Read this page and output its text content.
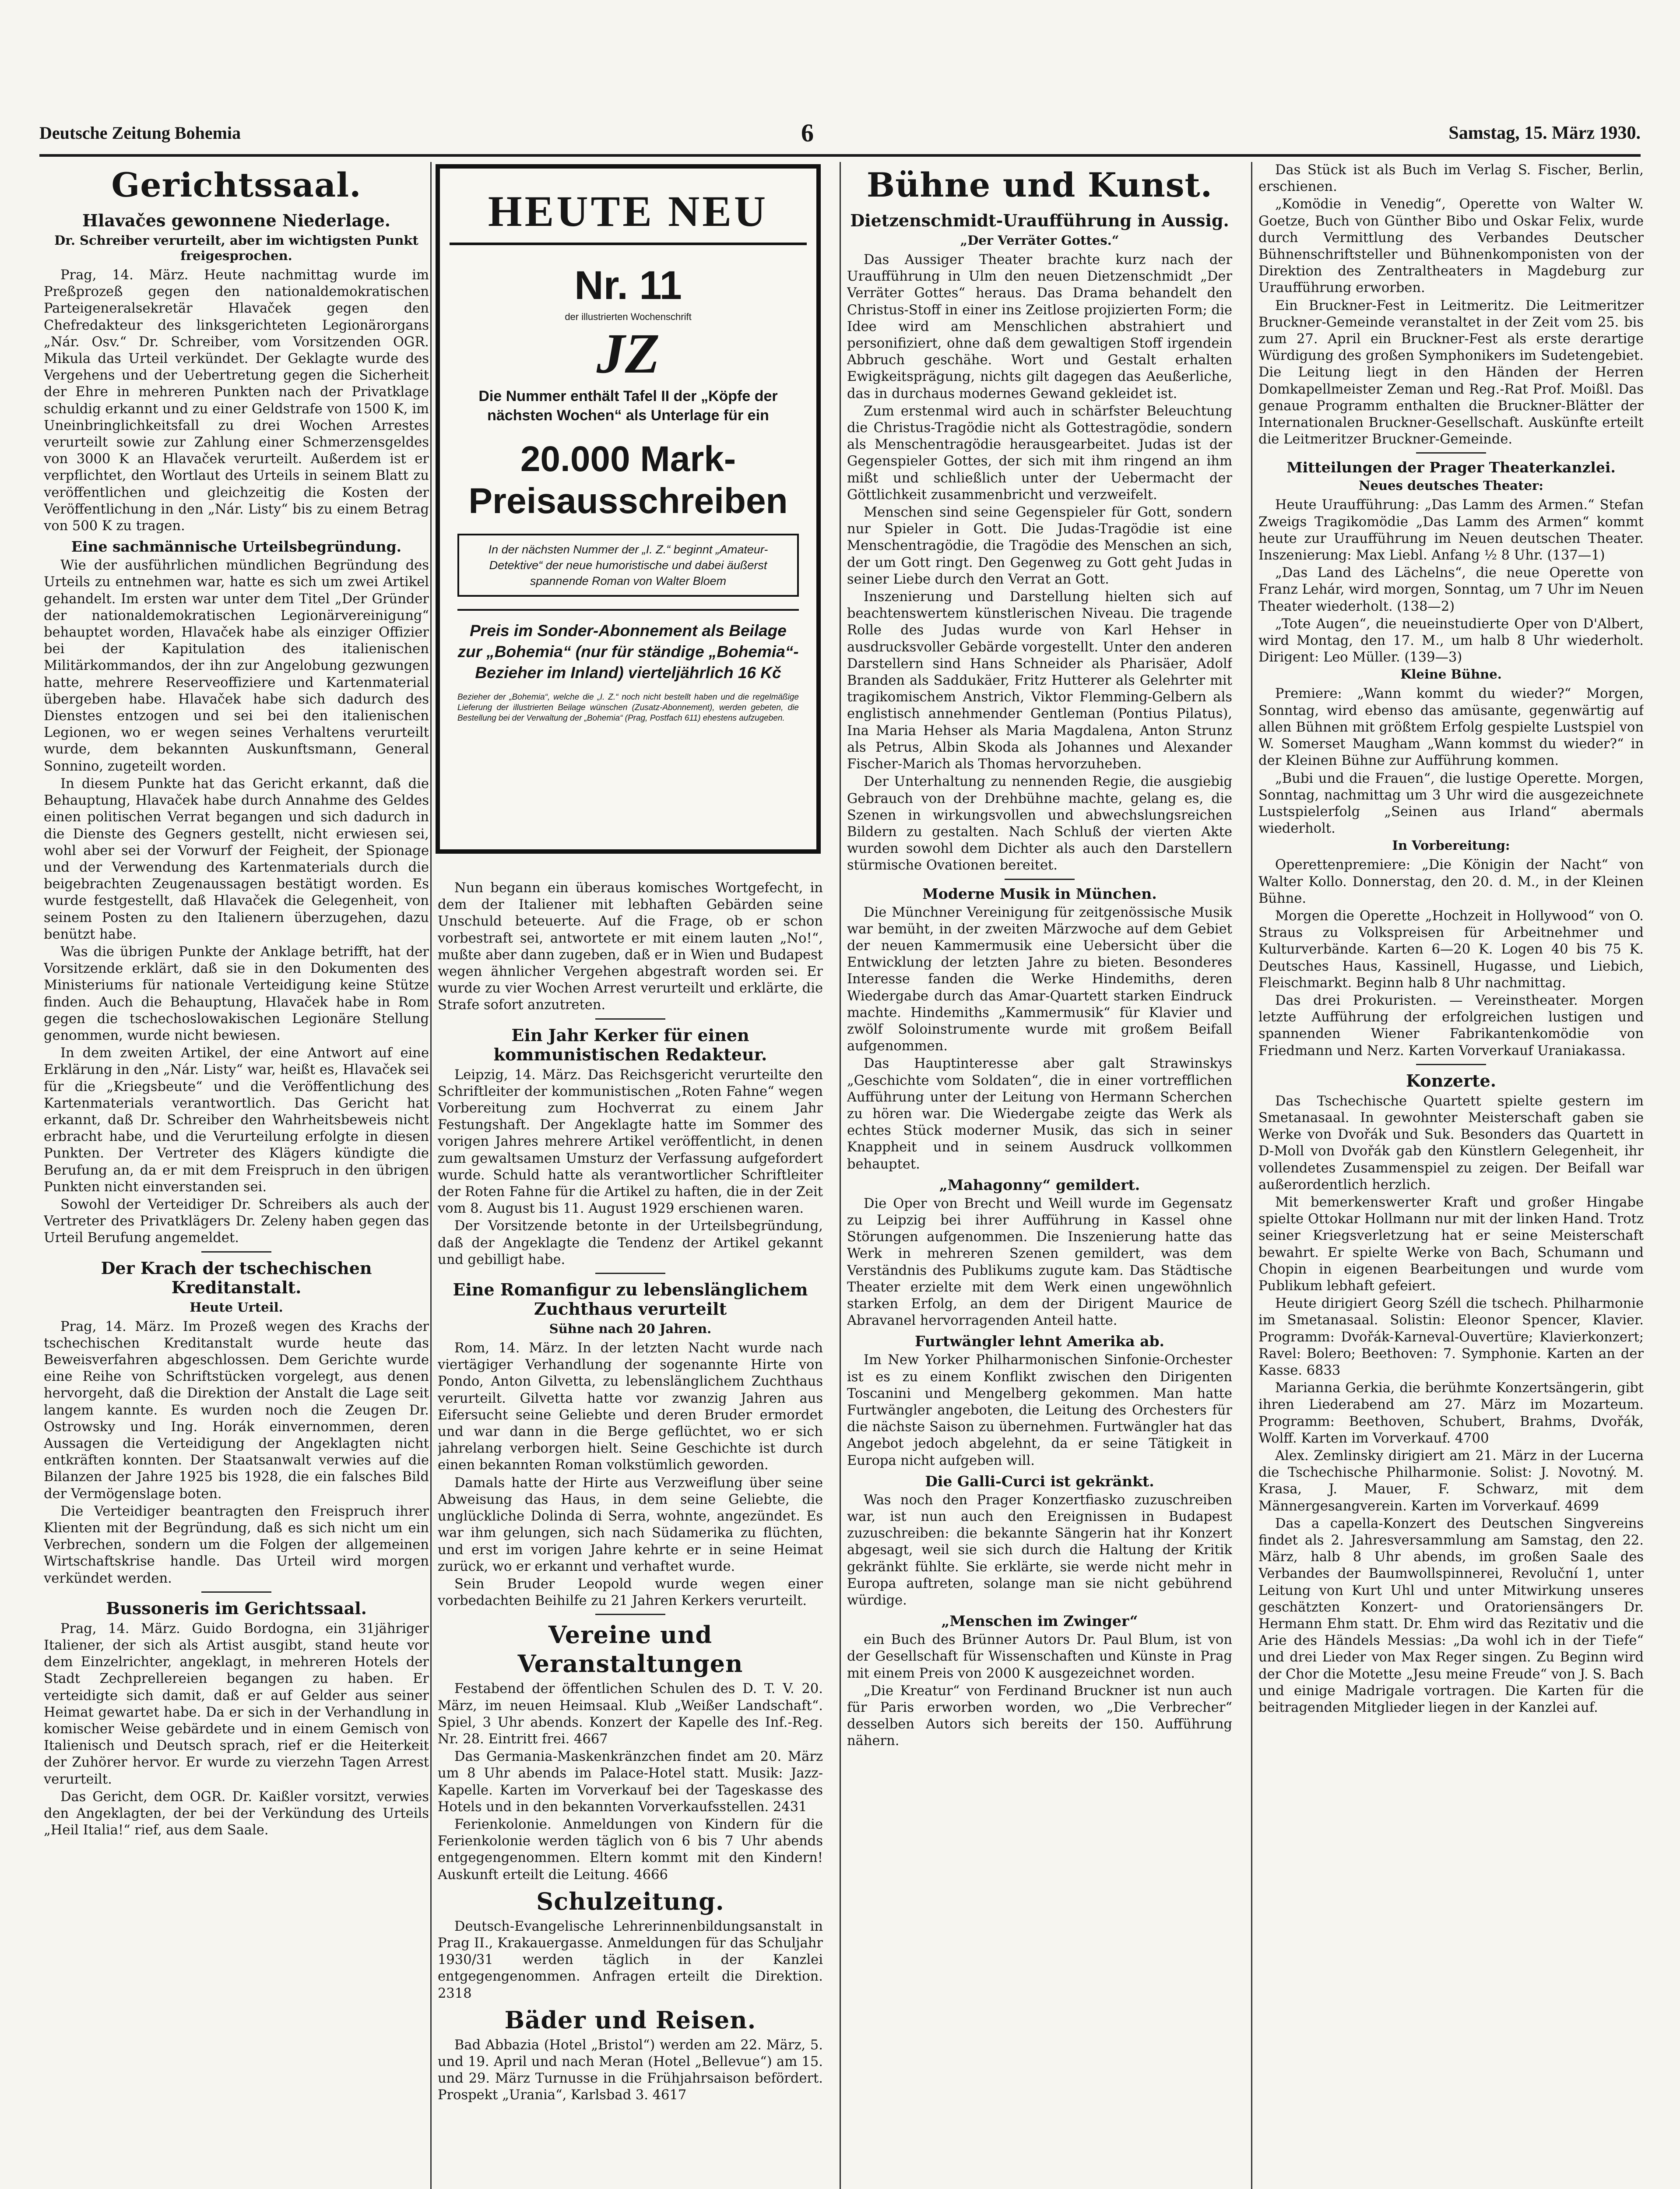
Deutsche Zeitung Bohemia	6	Samstag, 15. März 1930.
Gerichtssaal.
Hlavačes gewonnene Niederlage.
Dr. Schreiber verurteilt, aber im wichtigsten Punkt freigesprochen.

Prag, 14. März. Heute nachmittag wurde im Preßprozeß gegen den nationaldemokratischen Parteigeneralsekretär Hlavaček gegen den Chefredakteur des linksgerichteten Legionärorgans „Nár. Osv.“ Dr. Schreiber, vom Vorsitzenden OGR. Mikula das Urteil verkündet. Der Geklagte wurde des Vergehens und der Uebertretung gegen die Sicherheit der Ehre in mehreren Punkten nach der Privatklage schuldig erkannt und zu einer Geldstrafe von 1500 K, im Uneinbringlichkeitsfall zu drei Wochen Arrestes verurteilt sowie zur Zahlung einer Schmerzensgeldes von 3000 K an Hlavaček verurteilt. Außerdem ist er verpflichtet, den Wortlaut des Urteils in seinem Blatt zu veröffentlichen und gleichzeitig die Kosten der Veröffentlichung in den „Nár. Listy“ bis zu einem Betrag von 500 K zu tragen.

Eine sachmännische Urteilsbegründung.

Wie der ausführlichen mündlichen Begründung des Urteils zu entnehmen war, hatte es sich um zwei Artikel gehandelt. Im ersten war unter dem Titel „Der Gründer der nationaldemokratischen Legionärvereinigung“ behauptet worden, Hlavaček habe als einziger Offizier bei der Kapitulation des italienischen Militärkommandos, der ihn zur Angelobung gezwungen hatte, mehrere Reserveoffiziere und Kartenmaterial übergeben habe. Hlavaček habe sich dadurch des Dienstes entzogen und sei bei den italienischen Legionen, wo er wegen seines Verhaltens verurteilt wurde, dem bekannten Auskunftsmann, General Sonnino, zugeteilt worden.

In diesem Punkte hat das Gericht erkannt, daß die Behauptung, Hlavaček habe durch Annahme des Geldes einen politischen Verrat begangen und sich dadurch in die Dienste des Gegners gestellt, nicht erwiesen sei, wohl aber sei der Vorwurf der Feigheit, der Spionage und der Verwendung des Kartenmaterials durch die beigebrachten Zeugenaussagen bestätigt worden. Es wurde festgestellt, daß Hlavaček die Gelegenheit, von seinem Posten zu den Italienern überzugehen, dazu benützt habe.

Was die übrigen Punkte der Anklage betrifft, hat der Vorsitzende erklärt, daß sie in den Dokumenten des Ministeriums für nationale Verteidigung keine Stütze finden. Auch die Behauptung, Hlavaček habe in Rom gegen die tschechoslowakischen Legionäre Stellung genommen, wurde nicht bewiesen.

In dem zweiten Artikel, der eine Antwort auf eine Erklärung in den „Nár. Listy“ war, heißt es, Hlavaček sei für die „Kriegsbeute“ und die Veröffentlichung des Kartenmaterials verantwortlich. Das Gericht hat erkannt, daß Dr. Schreiber den Wahrheitsbeweis nicht erbracht habe, und die Verurteilung erfolgte in diesen Punkten. Der Vertreter des Klägers kündigte die Berufung an, da er mit dem Freispruch in den übrigen Punkten nicht einverstanden sei.

Sowohl der Verteidiger Dr. Schreibers als auch der Vertreter des Privatklägers Dr. Zeleny haben gegen das Urteil Berufung angemeldet.

Der Krach der tschechischen Kreditanstalt.
Heute Urteil.

Prag, 14. März. Im Prozeß wegen des Krachs der tschechischen Kreditanstalt wurde heute das Beweisverfahren abgeschlossen. Dem Gerichte wurde eine Reihe von Schriftstücken vorgelegt, aus denen hervorgeht, daß die Direktion der Anstalt die Lage seit langem kannte. Es wurden noch die Zeugen Dr. Ostrowsky und Ing. Horák einvernommen, deren Aussagen die Verteidigung der Angeklagten nicht entkräften konnten. Der Staatsanwalt verwies auf die Bilanzen der Jahre 1925 bis 1928, die ein falsches Bild der Vermögenslage boten.

Die Verteidiger beantragten den Freispruch ihrer Klienten mit der Begründung, daß es sich nicht um ein Verbrechen, sondern um die Folgen der allgemeinen Wirtschaftskrise handle. Das Urteil wird morgen verkündet werden.

Bussoneris im Gerichtssaal.

Prag, 14. März. Guido Bordogna, ein 31jähriger Italiener, der sich als Artist ausgibt, stand heute vor dem Einzelrichter, angeklagt, in mehreren Hotels der Stadt Zechprellereien begangen zu haben. Er verteidigte sich damit, daß er auf Gelder aus seiner Heimat gewartet habe. Da er sich in der Verhandlung in komischer Weise gebärdete und in einem Gemisch von Italienisch und Deutsch sprach, rief er die Heiterkeit der Zuhörer hervor. Er wurde zu vierzehn Tagen Arrest verurteilt.

Das Gericht, dem OGR. Dr. Kaißler vorsitzt, verwies den Angeklagten, der bei der Verkündung des Urteils „Heil Italia!“ rief, aus dem Saale.

HEUTE NEU
Nr. 11
der illustrierten Wochenschrift
JZ
Die Nummer enthält Tafel II der „Köpfe der nächsten Wochen“ als Unterlage für ein
20.000 Mark-Preisausschreiben
In der nächsten Nummer der „I. Z.“ beginnt „Amateur-Detektive“ der neue humoristische und dabei äußerst spannende Roman von Walter Bloem
Preis im Sonder-Abonnement als Beilage zur „Bohemia“ (nur für ständige „Bohemia“-Bezieher im Inland) vierteljährlich 16 Kč
Bezieher der „Bohemia“, welche die „I. Z.“ noch nicht bestellt haben und die regelmäßige Lieferung der illustrierten Beilage wünschen (Zusatz-Abonnement), werden gebeten, die Bestellung bei der Verwaltung der „Bohemia“ (Prag, Postfach 611) ehestens aufzugeben.

Nun begann ein überaus komisches Wortgefecht, in dem der Italiener mit lebhaften Gebärden seine Unschuld beteuerte. Auf die Frage, ob er schon vorbestraft sei, antwortete er mit einem lauten „No!“, mußte aber dann zugeben, daß er in Wien und Budapest wegen ähnlicher Vergehen abgestraft worden sei. Er wurde zu vier Wochen Arrest verurteilt und erklärte, die Strafe sofort anzutreten.

Ein Jahr Kerker für einen kommunistischen Redakteur.

Leipzig, 14. März. Das Reichsgericht verurteilte den Schriftleiter der kommunistischen „Roten Fahne“ wegen Vorbereitung zum Hochverrat zu einem Jahr Festungshaft. Der Angeklagte hatte im Sommer des vorigen Jahres mehrere Artikel veröffentlicht, in denen zum gewaltsamen Umsturz der Verfassung aufgefordert wurde. Schuld hatte als verantwortlicher Schriftleiter der Roten Fahne für die Artikel zu haften, die in der Zeit vom 8. August bis 11. August 1929 erschienen waren.

Der Vorsitzende betonte in der Urteilsbegründung, daß der Angeklagte die Tendenz der Artikel gekannt und gebilligt habe.

Eine Romanfigur zu lebenslänglichem Zuchthaus verurteilt
Sühne nach 20 Jahren.

Rom, 14. März. In der letzten Nacht wurde nach viertägiger Verhandlung der sogenannte Hirte von Pondo, Anton Gilvetta, zu lebenslänglichem Zuchthaus verurteilt. Gilvetta hatte vor zwanzig Jahren aus Eifersucht seine Geliebte und deren Bruder ermordet und war dann in die Berge geflüchtet, wo er sich jahrelang verborgen hielt. Seine Geschichte ist durch einen bekannten Roman volkstümlich geworden.

Damals hatte der Hirte aus Verzweiflung über seine Abweisung das Haus, in dem seine Geliebte, die unglückliche Dolinda di Serra, wohnte, angezündet. Es war ihm gelungen, sich nach Südamerika zu flüchten, und erst im vorigen Jahre kehrte er in seine Heimat zurück, wo er erkannt und verhaftet wurde.

Sein Bruder Leopold wurde wegen einer vorbedachten Beihilfe zu 21 Jahren Kerkers verurteilt.

Vereine und Veranstaltungen

Festabend der öffentlichen Schulen des D. T. V. 20. März, im neuen Heimsaal. Klub „Weißer Landschaft“. Spiel, 3 Uhr abends. Konzert der Kapelle des Inf.-Reg. Nr. 28. Eintritt frei. 4667

Das Germania-Maskenkränzchen findet am 20. März um 8 Uhr abends im Palace-Hotel statt. Musik: Jazz-Kapelle. Karten im Vorverkauf bei der Tageskasse des Hotels und in den bekannten Vorverkaufsstellen. 2431

Ferienkolonie. Anmeldungen von Kindern für die Ferienkolonie werden täglich von 6 bis 7 Uhr abends entgegengenommen. Eltern kommt mit den Kindern! Auskunft erteilt die Leitung. 4666

Schulzeitung.

Deutsch-Evangelische Lehrerinnenbildungsanstalt in Prag II., Krakauergasse. Anmeldungen für das Schuljahr 1930/31 werden täglich in der Kanzlei entgegengenommen. Anfragen erteilt die Direktion. 2318

Bäder und Reisen.

Bad Abbazia (Hotel „Bristol“) werden am 22. März, 5. und 19. April und nach Meran (Hotel „Bellevue“) am 15. und 29. März Turnusse in die Frühjahrsaison befördert. Prospekt „Urania“, Karlsbad 3. 4617

Bühne und Kunst.
Dietzenschmidt-Uraufführung in Aussig.
„Der Verräter Gottes.“

Das Aussiger Theater brachte kurz nach der Uraufführung in Ulm den neuen Dietzenschmidt „Der Verräter Gottes“ heraus. Das Drama behandelt den Christus-Stoff in einer ins Zeitlose projizierten Form; die Idee wird am Menschlichen abstrahiert und personifiziert, ohne daß dem gewaltigen Stoff irgendein Abbruch geschähe. Wort und Gestalt erhalten Ewigkeitsprägung, nichts gilt dagegen das Aeußerliche, das in durchaus modernes Gewand gekleidet ist.

Zum erstenmal wird auch in schärfster Beleuchtung die Christus-Tragödie nicht als Gottestragödie, sondern als Menschentragödie herausgearbeitet. Judas ist der Gegenspieler Gottes, der sich mit ihm ringend an ihm mißt und schließlich unter der Uebermacht der Göttlichkeit zusammenbricht und verzweifelt.

Menschen sind seine Gegenspieler für Gott, sondern nur Spieler in Gott. Die Judas-Tragödie ist eine Menschentragödie, die Tragödie des Menschen an sich, der um Gott ringt. Den Gegenweg zu Gott geht Judas in seiner Liebe durch den Verrat an Gott.

Inszenierung und Darstellung hielten sich auf beachtenswertem künstlerischen Niveau. Die tragende Rolle des Judas wurde von Karl Hehser in ausdrucksvoller Gebärde vorgestellt. Unter den anderen Darstellern sind Hans Schneider als Pharisäer, Adolf Branden als Saddukäer, Fritz Hutterer als Gelehrter mit tragikomischem Anstrich, Viktor Flemming-Gelbern als englistisch annehmender Gentleman (Pontius Pilatus), Ina Maria Hehser als Maria Magdalena, Anton Strunz als Petrus, Albin Skoda als Johannes und Alexander Fischer-Marich als Thomas hervorzuheben.

Der Unterhaltung zu nennenden Regie, die ausgiebig Gebrauch von der Drehbühne machte, gelang es, die Szenen in wirkungsvollen und abwechslungsreichen Bildern zu gestalten. Nach Schluß der vierten Akte wurden sowohl dem Dichter als auch den Darstellern stürmische Ovationen bereitet.

Moderne Musik in München.

Die Münchner Vereinigung für zeitgenössische Musik war bemüht, in der zweiten Märzwoche auf dem Gebiet der neuen Kammermusik eine Uebersicht über die Entwicklung der letzten Jahre zu bieten. Besonderes Interesse fanden die Werke Hindemiths, deren Wiedergabe durch das Amar-Quartett starken Eindruck machte. Hindemiths „Kammermusik“ für Klavier und zwölf Soloinstrumente wurde mit großem Beifall aufgenommen.

Das Hauptinteresse aber galt Strawinskys „Geschichte vom Soldaten“, die in einer vortrefflichen Aufführung unter der Leitung von Hermann Scherchen zu hören war. Die Wiedergabe zeigte das Werk als echtes Stück moderner Musik, das sich in seiner Knappheit und in seinem Ausdruck vollkommen behauptet.

„Mahagonny“ gemildert.

Die Oper von Brecht und Weill wurde im Gegensatz zu Leipzig bei ihrer Aufführung in Kassel ohne Störungen aufgenommen. Die Inszenierung hatte das Werk in mehreren Szenen gemildert, was dem Verständnis des Publikums zugute kam. Das Städtische Theater erzielte mit dem Werk einen ungewöhnlich starken Erfolg, an dem der Dirigent Maurice de Abravanel hervorragenden Anteil hatte.

Furtwängler lehnt Amerika ab.

Im New Yorker Philharmonischen Sinfonie-Orchester ist es zu einem Konflikt zwischen den Dirigenten Toscanini und Mengelberg gekommen. Man hatte Furtwängler angeboten, die Leitung des Orchesters für die nächste Saison zu übernehmen. Furtwängler hat das Angebot jedoch abgelehnt, da er seine Tätigkeit in Europa nicht aufgeben will.

Die Galli-Curci ist gekränkt.

Was noch den Prager Konzertfiasko zuzuschreiben war, ist nun auch den Ereignissen in Budapest zuzuschreiben: die bekannte Sängerin hat ihr Konzert abgesagt, weil sie sich durch die Haltung der Kritik gekränkt fühlte. Sie erklärte, sie werde nicht mehr in Europa auftreten, solange man sie nicht gebührend würdige.

„Menschen im Zwinger“

ein Buch des Brünner Autors Dr. Paul Blum, ist von der Gesellschaft für Wissenschaften und Künste in Prag mit einem Preis von 2000 K ausgezeichnet worden.

„Die Kreatur“ von Ferdinand Bruckner ist nun auch für Paris erworben worden, wo „Die Verbrecher“ desselben Autors sich bereits der 150. Aufführung nähern.

Das Stück ist als Buch im Verlag S. Fischer, Berlin, erschienen.

„Komödie in Venedig“, Operette von Walter W. Goetze, Buch von Günther Bibo und Oskar Felix, wurde durch Vermittlung des Verbandes Deutscher Bühnenschriftsteller und Bühnenkomponisten von der Direktion des Zentraltheaters in Magdeburg zur Uraufführung erworben.

Ein Bruckner-Fest in Leitmeritz. Die Leitmeritzer Bruckner-Gemeinde veranstaltet in der Zeit vom 25. bis zum 27. April ein Bruckner-Fest als erste derartige Würdigung des großen Symphonikers im Sudetengebiet. Die Leitung liegt in den Händen der Herren Domkapellmeister Zeman und Reg.-Rat Prof. Moißl. Das genaue Programm enthalten die Bruckner-Blätter der Internationalen Bruckner-Gesellschaft. Auskünfte erteilt die Leitmeritzer Bruckner-Gemeinde.

Mitteilungen der Prager Theaterkanzlei.
Neues deutsches Theater:

Heute Uraufführung: „Das Lamm des Armen.“ Stefan Zweigs Tragikomödie „Das Lamm des Armen“ kommt heute zur Uraufführung im Neuen deutschen Theater. Inszenierung: Max Liebl. Anfang ½ 8 Uhr. (137—1)

„Das Land des Lächelns“, die neue Operette von Franz Lehár, wird morgen, Sonntag, um 7 Uhr im Neuen Theater wiederholt. (138—2)

„Tote Augen“, die neueinstudierte Oper von D'Albert, wird Montag, den 17. M., um halb 8 Uhr wiederholt. Dirigent: Leo Müller. (139—3)

Kleine Bühne.

Premiere: „Wann kommt du wieder?“ Morgen, Sonntag, wird ebenso das amüsante, gegenwärtig auf allen Bühnen mit größtem Erfolg gespielte Lustspiel von W. Somerset Maugham „Wann kommst du wieder?“ in der Kleinen Bühne zur Aufführung kommen.

„Bubi und die Frauen“, die lustige Operette. Morgen, Sonntag, nachmittag um 3 Uhr wird die ausgezeichnete Lustspielerfolg „Seinen aus Irland“ abermals wiederholt.

In Vorbereitung:

Operettenpremiere: „Die Königin der Nacht“ von Walter Kollo. Donnerstag, den 20. d. M., in der Kleinen Bühne.

Morgen die Operette „Hochzeit in Hollywood“ von O. Straus zu Volkspreisen für Arbeitnehmer und Kulturverbände. Karten 6—20 K. Logen 40 bis 75 K. Deutsches Haus, Kassinell, Hugasse, und Liebich, Fleischmarkt. Beginn halb 8 Uhr nachmittag.

Das drei Prokuristen. — Vereinstheater. Morgen letzte Aufführung der erfolgreichen lustigen und spannenden Wiener Fabrikantenkomödie von Friedmann und Nerz. Karten Vorverkauf Uraniakassa.

Konzerte.

Das Tschechische Quartett spielte gestern im Smetanasaal. In gewohnter Meisterschaft gaben sie Werke von Dvořák und Suk. Besonders das Quartett in D-Moll von Dvořák gab den Künstlern Gelegenheit, ihr vollendetes Zusammenspiel zu zeigen. Der Beifall war außerordentlich herzlich.

Mit bemerkenswerter Kraft und großer Hingabe spielte Ottokar Hollmann nur mit der linken Hand. Trotz seiner Kriegsverletzung hat er seine Meisterschaft bewahrt. Er spielte Werke von Bach, Schumann und Chopin in eigenen Bearbeitungen und wurde vom Publikum lebhaft gefeiert.

Heute dirigiert Georg Széll die tschech. Philharmonie im Smetanasaal. Solistin: Eleonor Spencer, Klavier. Programm: Dvořák-Karneval-Ouvertüre; Klavierkonzert; Ravel: Bolero; Beethoven: 7. Symphonie. Karten an der Kasse. 6833

Marianna Gerkia, die berühmte Konzertsängerin, gibt ihren Liederabend am 27. März im Mozarteum. Programm: Beethoven, Schubert, Brahms, Dvořák, Wolff. Karten im Vorverkauf. 4700

Alex. Zemlinsky dirigiert am 21. März in der Lucerna die Tschechische Philharmonie. Solist: J. Novotný. M. Krasa, J. Mauer, F. Schwarz, mit dem Männergesangverein. Karten im Vorverkauf. 4699

Das a capella-Konzert des Deutschen Singvereins findet als 2. Jahresversammlung am Samstag, den 22. März, halb 8 Uhr abends, im großen Saale des Verbandes der Baumwollspinnerei, Revoluční 1, unter Leitung von Kurt Uhl und unter Mitwirkung unseres geschätzten Konzert- und Oratoriensängers Dr. Hermann Ehm statt. Dr. Ehm wird das Rezitativ und die Arie des Händels Messias: „Da wohl ich in der Tiefe“ und drei Lieder von Max Reger singen. Zu Beginn wird der Chor die Motette „Jesu meine Freude“ von J. S. Bach und einige Madrigale vortragen. Die Karten für die beitragenden Mitglieder liegen in der Kanzlei auf.
